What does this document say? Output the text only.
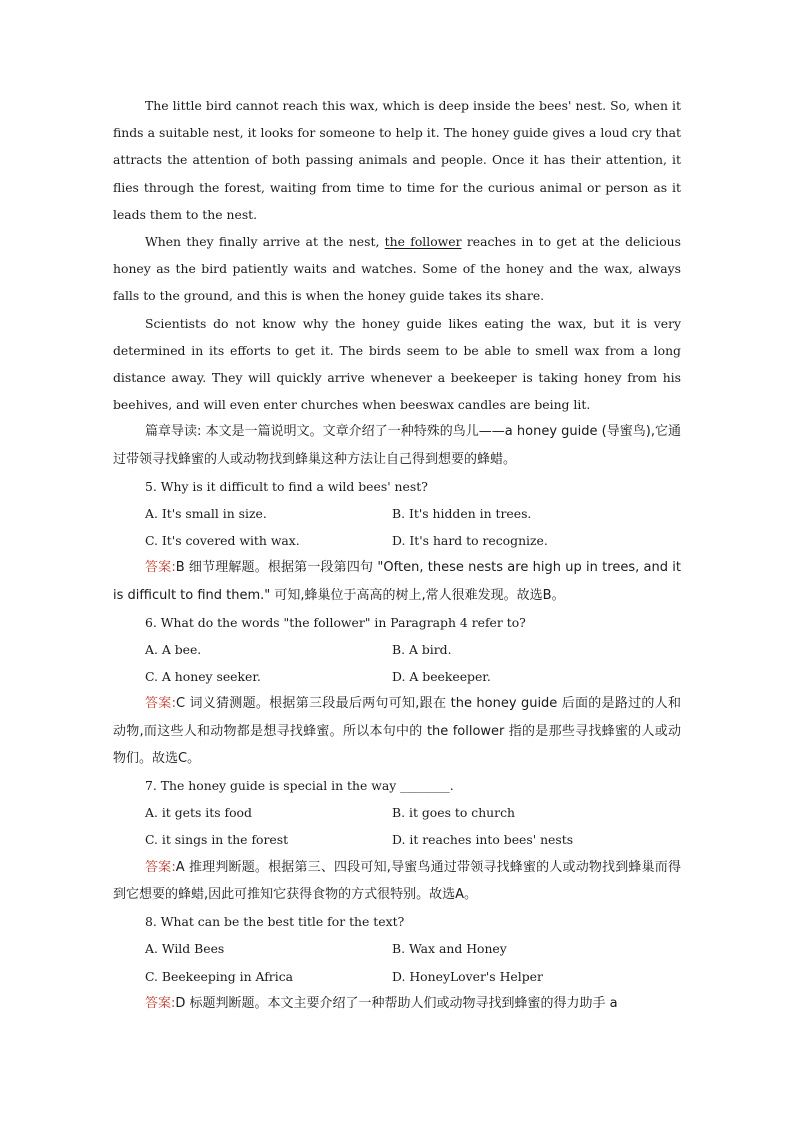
The little bird cannot reach this wax, which is deep inside the bees' nest. So, when it finds a suitable nest, it looks for someone to help it. The honey guide gives a loud cry that attracts the attention of both passing animals and people. Once it has their attention, it flies through the forest, waiting from time to time for the curious animal or person as it leads them to the nest.

When they finally arrive at the nest, the follower reaches in to get at the delicious honey as the bird patiently waits and watches. Some of the honey and the wax, always falls to the ground, and this is when the honey guide takes its share.

Scientists do not know why the honey guide likes eating the wax, but it is very determined in its efforts to get it. The birds seem to be able to smell wax from a long distance away. They will quickly arrive whenever a beekeeper is taking honey from his beehives, and will even enter churches when beeswax candles are being lit.

篇章导读: 本文是一篇说明文。文章介绍了一种特殊的鸟儿——a honey guide (导蜜鸟),它通过带领寻找蜂蜜的人或动物找到蜂巢这种方法让自己得到想要的蜂蜡。

5. Why is it difficult to find a wild bees' nest?

A. It's small in size.	B. It's hidden in trees.
C. It's covered with wax.	D. It's hard to recognize.

答案:B 细节理解题。根据第一段第四句 "Often, these nests are high up in trees, and it is difficult to find them." 可知,蜂巢位于高高的树上,常人很难发现。故选B。

6. What do the words "the follower" in Paragraph 4 refer to?

A. A bee.	B. A bird.
C. A honey seeker.	D. A beekeeper.

答案:C 词义猜测题。根据第三段最后两句可知,跟在 the honey guide 后面的是路过的人和动物,而这些人和动物都是想寻找蜂蜜。所以本句中的 the follower 指的是那些寻找蜂蜜的人或动物们。故选C。

7. The honey guide is special in the way ________.

A. it gets its food	B. it goes to church
C. it sings in the forest	D. it reaches into bees' nests

答案:A 推理判断题。根据第三、四段可知,导蜜鸟通过带领寻找蜂蜜的人或动物找到蜂巢而得到它想要的蜂蜡,因此可推知它获得食物的方式很特别。故选A。

8. What can be the best title for the text?

A. Wild Bees	B. Wax and Honey
C. Beekeeping in Africa	D. HoneyLover's Helper

答案:D 标题判断题。本文主要介绍了一种帮助人们或动物寻找到蜂蜜的得力助手 a
